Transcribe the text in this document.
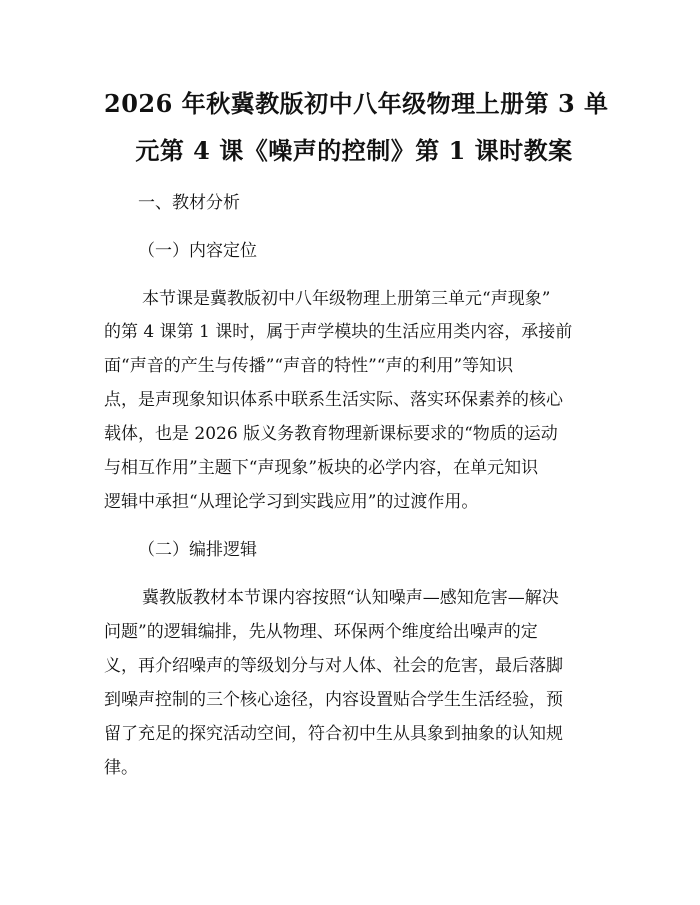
2026 年秋冀教版初中八年级物理上册第 3 单
元第 4 课《噪声的控制》第 1 课时教案
一、教材分析
（一）内容定位
本节课是冀教版初中八年级物理上册第三单元“声现象”
的第 4 课第 1 课时，属于声学模块的生活应用类内容，承接前
面“声音的产生与传播”“声音的特性”“声的利用”等知识
点，是声现象知识体系中联系生活实际、落实环保素养的核心
载体，也是 2026 版义务教育物理新课标要求的“物质的运动
与相互作用”主题下“声现象”板块的必学内容，在单元知识
逻辑中承担“从理论学习到实践应用”的过渡作用。
（二）编排逻辑
冀教版教材本节课内容按照“认知噪声—感知危害—解决
问题”的逻辑编排，先从物理、环保两个维度给出噪声的定
义，再介绍噪声的等级划分与对人体、社会的危害，最后落脚
到噪声控制的三个核心途径，内容设置贴合学生生活经验，预
留了充足的探究活动空间，符合初中生从具象到抽象的认知规
律。
